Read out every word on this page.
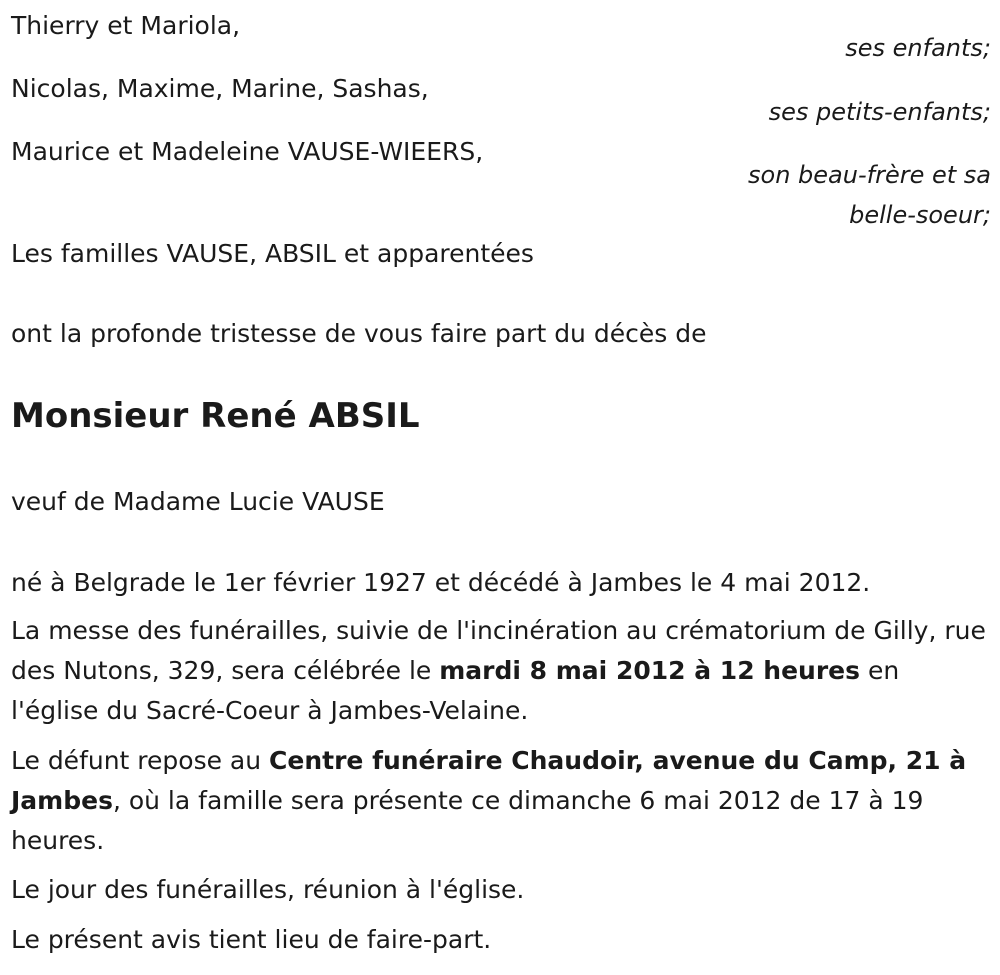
Thierry et Mariola,
ses enfants;
Nicolas, Maxime, Marine, Sashas,
ses petits-enfants;
Maurice et Madeleine VAUSE-WIEERS,
son beau-frère et sa
belle-soeur;
Les familles VAUSE, ABSIL et apparentées
ont la profonde tristesse de vous faire part du décès de
Monsieur René ABSIL
veuf de Madame Lucie VAUSE
né à Belgrade le 1er février 1927 et décédé à Jambes le 4 mai 2012.
La messe des funérailles, suivie de l'incinération au crématorium de Gilly, rue des Nutons, 329, sera célébrée le mardi 8 mai 2012 à 12 heures en l'église du Sacré-Coeur à Jambes-Velaine.
Le défunt repose au Centre funéraire Chaudoir, avenue du Camp, 21 à Jambes, où la famille sera présente ce dimanche 6 mai 2012 de 17 à 19 heures.
Le jour des funérailles, réunion à l'église.
Le présent avis tient lieu de faire-part.
